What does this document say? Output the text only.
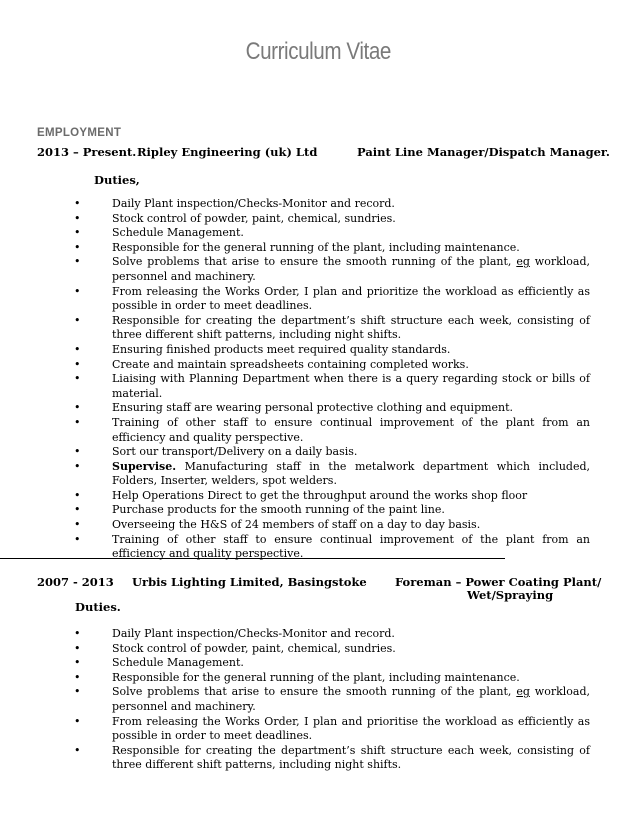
Curriculum Vitae
EMPLOYMENT
2013 – Present. Ripley Engineering (uk) Ltd	Paint Line Manager/Dispatch Manager.
Duties,
•	Daily Plant inspection/Checks-Monitor and record.
•	Stock control of powder, paint, chemical, sundries.
•	Schedule Management.
•	Responsible for the general running of the plant, including maintenance.
•	Solve problems that arise to ensure the smooth running of the plant, eg workload, personnel and machinery.
•	From releasing the Works Order, I plan and prioritize the workload as efficiently as possible in order to meet deadlines.
•	Responsible for creating the department’s shift structure each week, consisting of three different shift patterns, including night shifts.
•	Ensuring finished products meet required quality standards.
•	Create and maintain spreadsheets containing completed works.
•	Liaising with Planning Department when there is a query regarding stock or bills of material.
•	Ensuring staff are wearing personal protective clothing and equipment.
•	Training of other staff to ensure continual improvement of the plant from an efficiency and quality perspective.
•	Sort our transport/Delivery on a daily basis.
•	Supervise. Manufacturing staff in the metalwork department which included, Folders, Inserter, welders, spot welders.
•	Help Operations Direct to get the throughput around the works shop floor
•	Purchase products for the smooth running of the paint line.
•	Overseeing the H&S of 24 members of staff on a day to day basis.
•	Training of other staff to ensure continual improvement of the plant from an efficiency and quality perspective.
2007 - 2013 Urbis Lighting Limited, Basingstoke Foreman – Power Coating Plant/
Wet/Spraying
Duties.
•	Daily Plant inspection/Checks-Monitor and record.
•	Stock control of powder, paint, chemical, sundries.
•	Schedule Management.
•	Responsible for the general running of the plant, including maintenance.
•	Solve problems that arise to ensure the smooth running of the plant, eg workload, personnel and machinery.
•	From releasing the Works Order, I plan and prioritise the workload as efficiently as possible in order to meet deadlines.
•	Responsible for creating the department’s shift structure each week, consisting of three different shift patterns, including night shifts.
